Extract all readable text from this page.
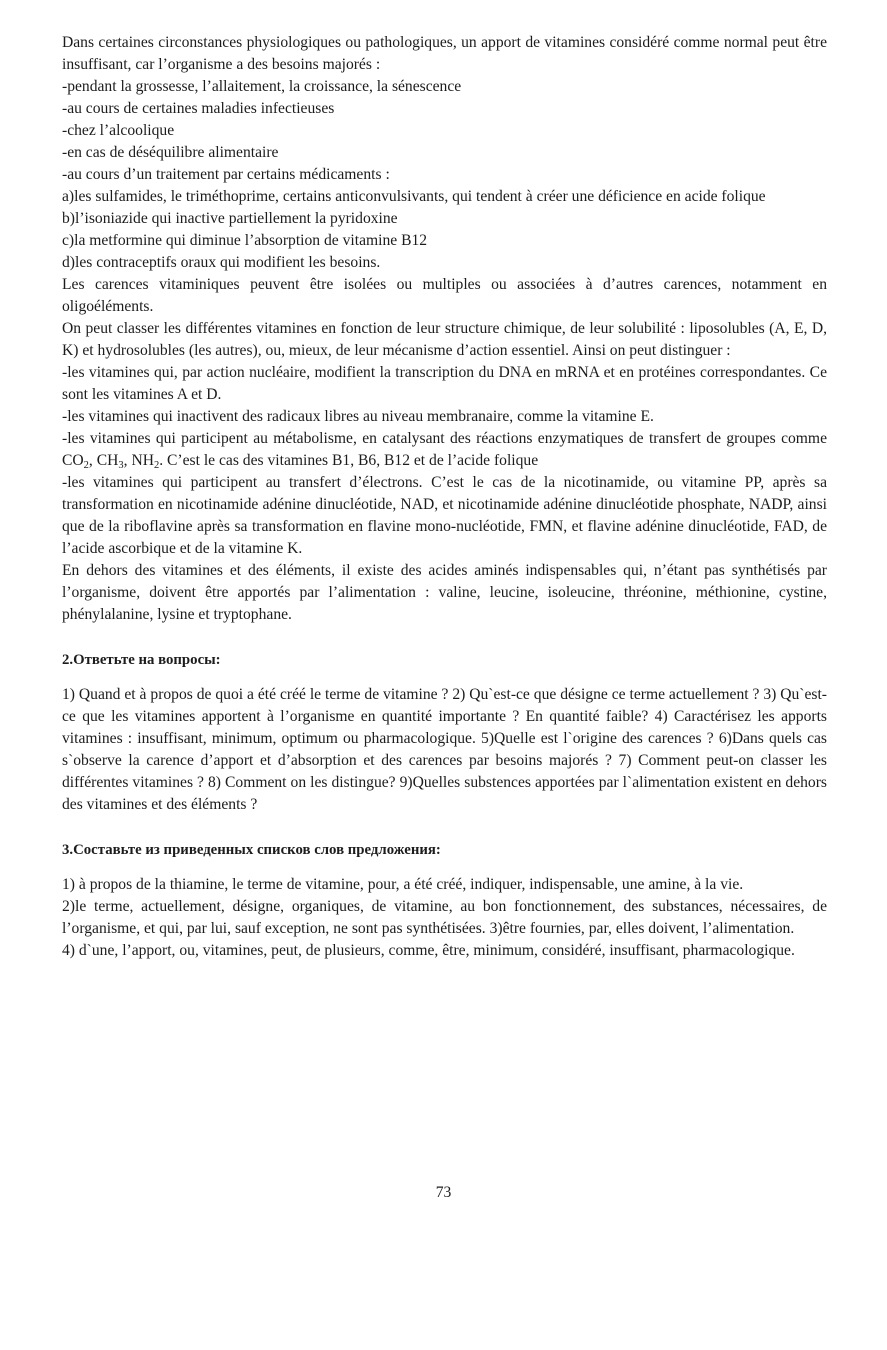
Dans certaines circonstances physiologiques ou pathologiques, un apport de vitamines considéré comme normal peut être insuffisant, car l’organisme a des besoins majorés :

-pendant la grossesse, l’allaitement, la croissance, la sénescence

-au cours de certaines maladies infectieuses

-chez l’alcoolique

-en cas de déséquilibre alimentaire

-au cours d’un traitement par certains médicaments :

a)les sulfamides, le triméthoprime, certains anticonvulsivants, qui tendent à créer une déficience en acide folique

b)l’isoniazide qui inactive partiellement la pyridoxine

c)la metformine qui diminue l’absorption de vitamine B12

d)les contraceptifs oraux qui modifient les besoins.

Les carences vitaminiques peuvent être isolées ou multiples ou associées à d’autres carences, notamment en oligoéléments.

On peut classer les différentes vitamines en fonction de leur structure chimique, de leur solubilité : liposolubles (A, E, D, K) et hydrosolubles (les autres), ou, mieux, de leur mécanisme d’action essentiel. Ainsi on peut distinguer :

-les vitamines qui, par action nucléaire, modifient la transcription du DNA en mRNA et en protéines correspondantes. Ce sont les vitamines A et D.

-les vitamines qui inactivent des radicaux libres au niveau membranaire, comme la vitamine E.

-les vitamines qui participent au métabolisme, en catalysant des réactions enzymatiques de transfert de groupes comme $CO_2$, $CH_3$, $NH_2$. C’est le cas des vitamines B1, B6, B12 et de l’acide folique

-les vitamines qui participent au transfert d’électrons. C’est le cas de la nicotinamide, ou vitamine PP, après sa transformation en nicotinamide adénine dinucléotide, NAD, et nicotinamide adénine dinucléotide phosphate, NADP, ainsi que de la riboflavine après sa transformation en flavine mono-nucléotide, FMN, et flavine adénine dinucléotide, FAD, de l’acide ascorbique et de la vitamine K.

En dehors des vitamines et des éléments, il existe des acides aminés indispensables qui, n’étant pas synthétisés par l’organisme, doivent être apportés par l’alimentation : valine, leucine, isoleucine, thréonine, méthionine, cystine, phénylalanine, lysine et tryptophane.

2.Ответьте на вопросы:

1) Quand et à propos de quoi a été créé le terme de vitamine ? 2) Qu`est-ce que désigne ce terme actuellement ? 3) Qu`est-ce que les vitamines apportent à l’organisme en quantité importante ? En quantité faible? 4) Caractérisez les apports vitamines : insuffisant, minimum, optimum ou pharmacologique. 5)Quelle est l`origine des carences ? 6)Dans quels cas s`observe la carence d’apport et d’absorption et des carences par besoins majorés ? 7) Comment peut-on classer les différentes vitamines ? 8) Comment on les distingue? 9)Quelles substences apportées par l`alimentation existent en dehors des vitamines et des éléments ?

3.Составьте из приведенных списков слов предложения:

1) à propos de la thiamine, le terme de vitamine, pour, a été créé, indiquer, indispensable, une amine, à la vie.

2)le terme, actuellement, désigne, organiques, de vitamine, au bon fonctionnement, des substances, nécessaires, de l’organisme, et qui, par lui, sauf exception, ne sont pas synthétisées. 3)être fournies, par, elles doivent, l’alimentation.

4) d`une, l’apport, ou, vitamines, peut, de plusieurs, comme, être, minimum, considéré, insuffisant, pharmacologique.

73
